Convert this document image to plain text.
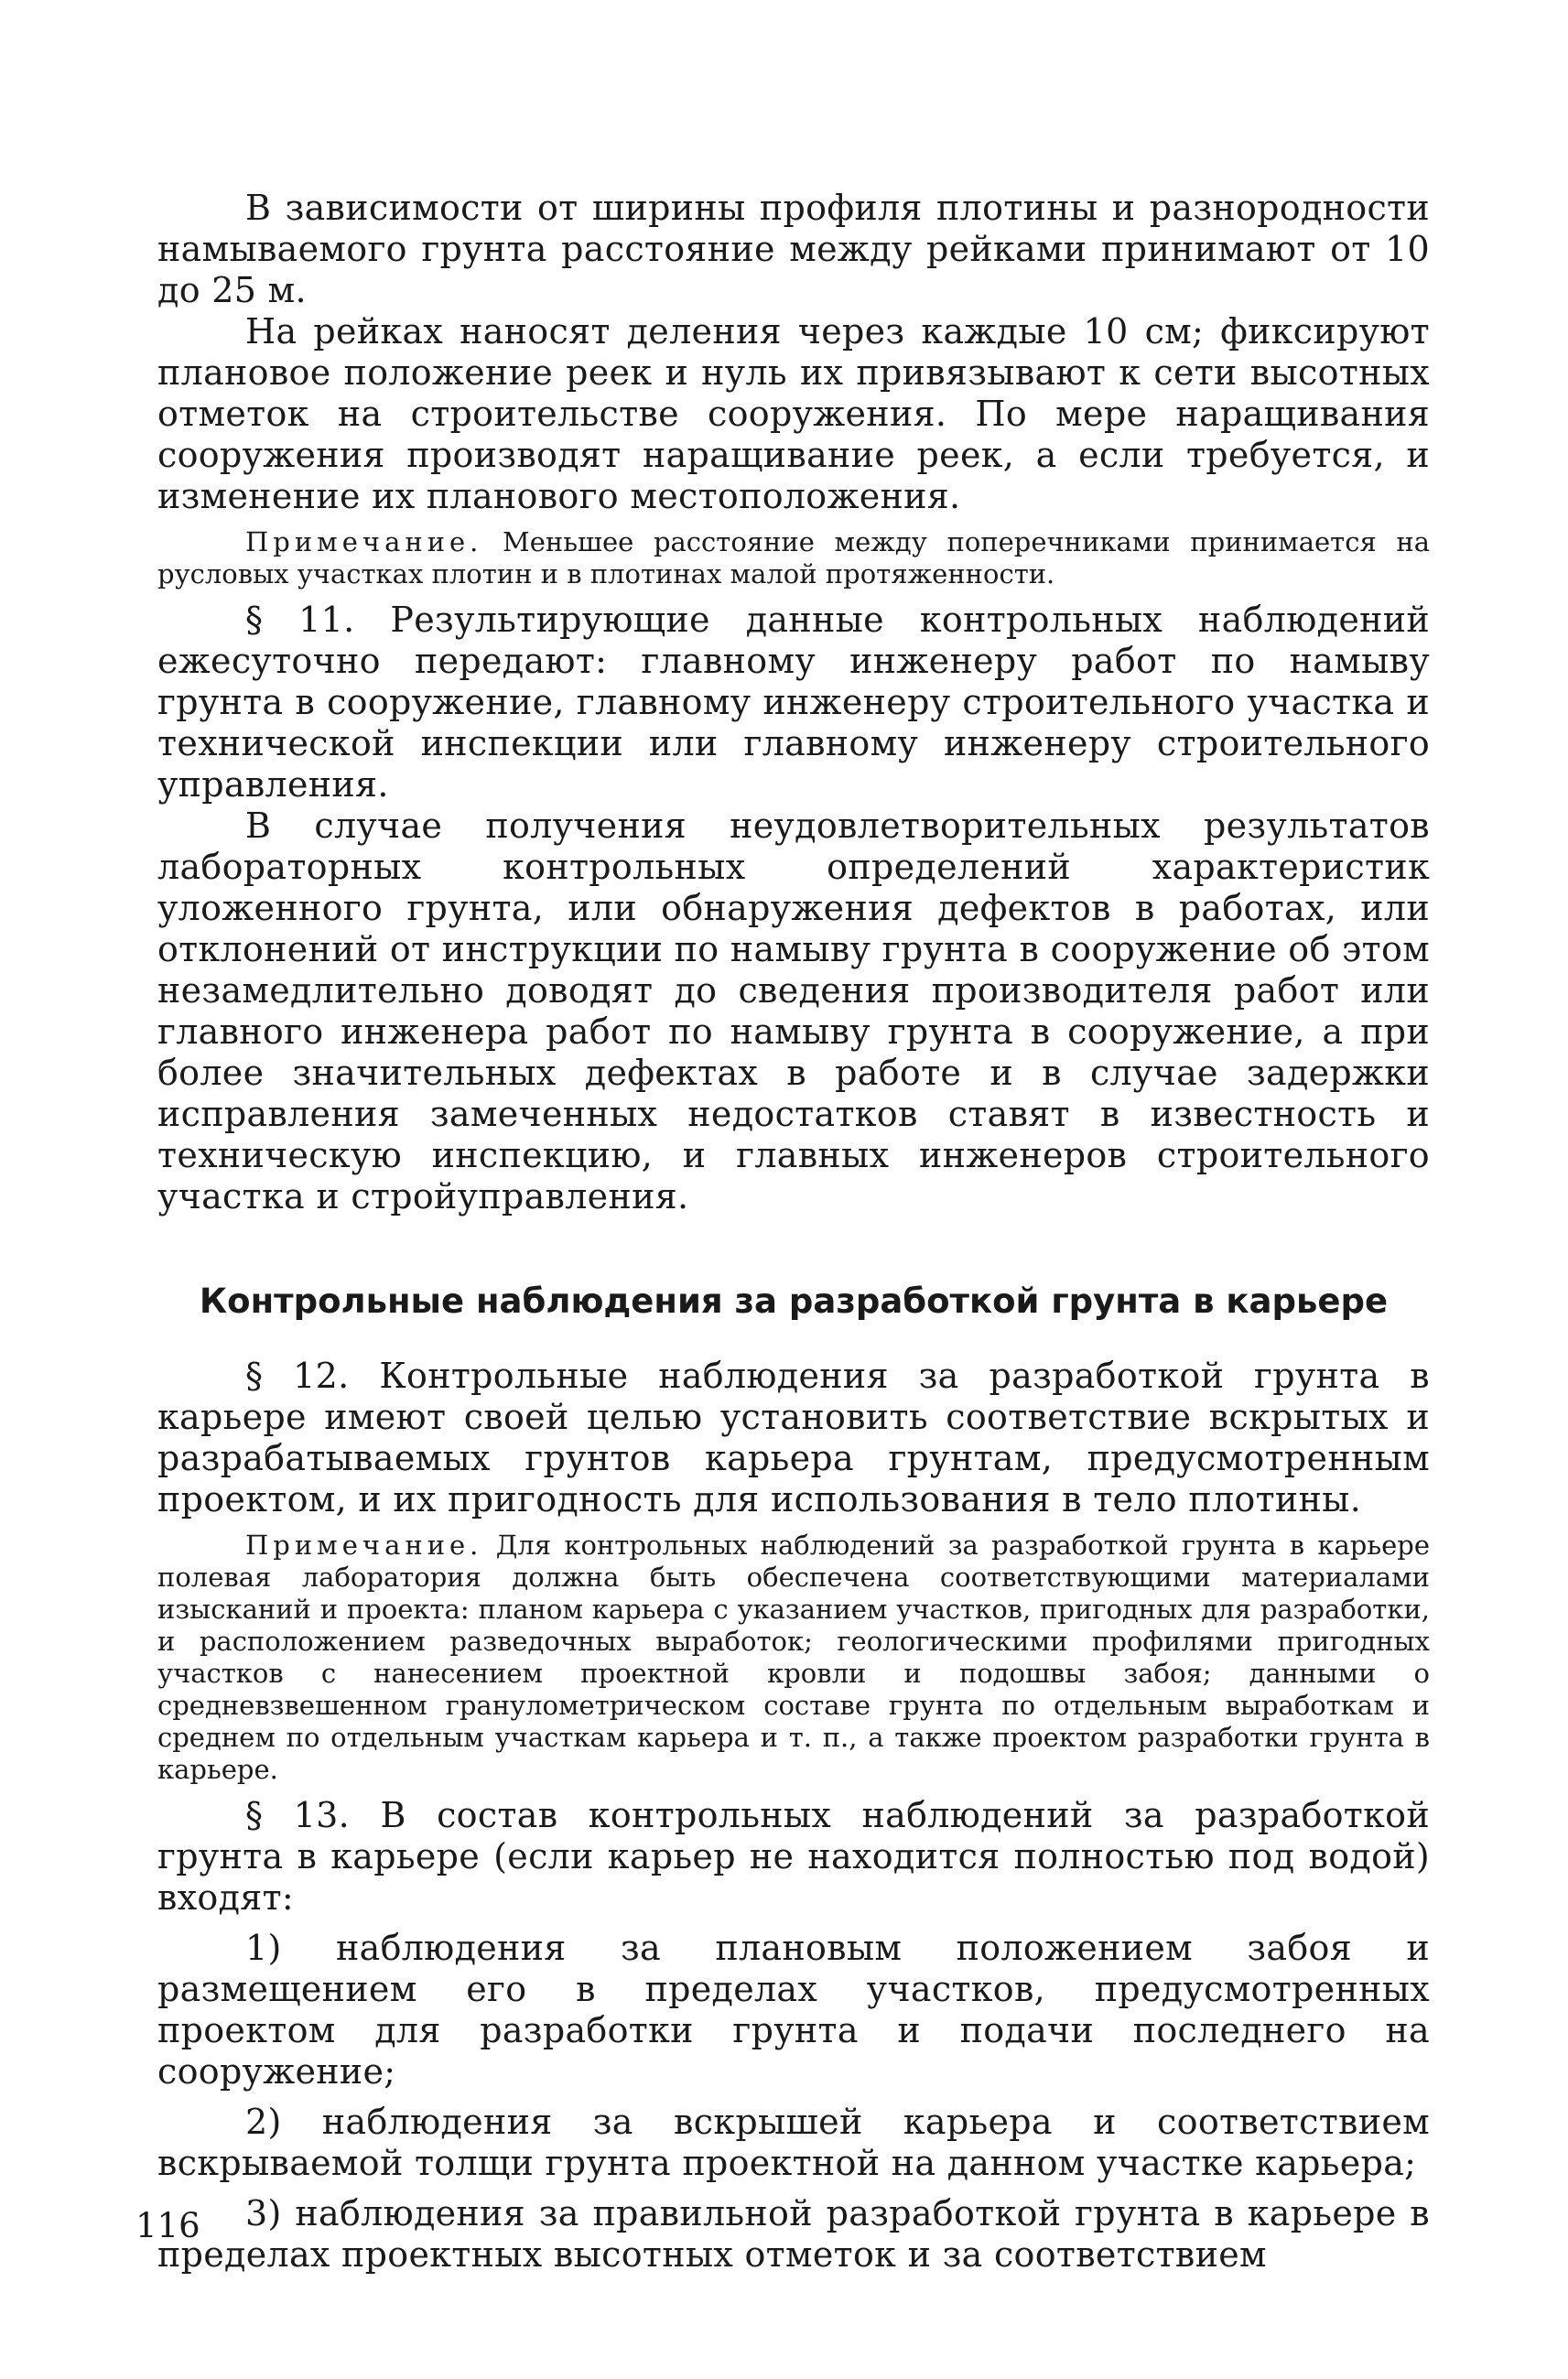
В зависимости от ширины профиля плотины и разнородности намываемого грунта расстояние между рейками принимают от 10 до 25 м.

На рейках наносят деления через каждые 10 см; фиксируют плановое положение реек и нуль их привязывают к сети высотных отметок на строительстве сооружения. По мере наращивания сооружения производят наращивание реек, а если требуется, и изменение их планового местоположения.

Примечание. Меньшее расстояние между поперечниками принимается на русловых участках плотин и в плотинах малой протяженности.

§ 11. Результирующие данные контрольных наблюдений ежесуточно передают: главному инженеру работ по намыву грунта в сооружение, главному инженеру строительного участка и технической инспекции или главному инженеру строительного управления.

В случае получения неудовлетворительных результатов лабораторных контрольных определений характеристик уложенного грунта, или обнаружения дефектов в работах, или отклонений от инструкции по намыву грунта в сооружение об этом незамедлительно доводят до сведения производителя работ или главного инженера работ по намыву грунта в сооружение, а при более значительных дефектах в работе и в случае задержки исправления замеченных недостатков ставят в известность и техническую инспекцию, и главных инженеров строительного участка и стройуправления.

Контрольные наблюдения за разработкой грунта в карьере

§ 12. Контрольные наблюдения за разработкой грунта в карьере имеют своей целью установить соответствие вскрытых и разрабатываемых грунтов карьера грунтам, предусмотренным проектом, и их пригодность для использования в тело плотины.

Примечание. Для контрольных наблюдений за разработкой грунта в карьере полевая лаборатория должна быть обеспечена соответствующими материалами изысканий и проекта: планом карьера с указанием участков, пригодных для разработки, и расположением разведочных выработок; геологическими профилями пригодных участков с нанесением проектной кровли и подошвы забоя; данными о средневзвешенном гранулометрическом составе грунта по отдельным выработкам и среднем по отдельным участкам карьера и т. п., а также проектом разработки грунта в карьере.

§ 13. В состав контрольных наблюдений за разработкой грунта в карьере (если карьер не находится полностью под водой) входят:

1) наблюдения за плановым положением забоя и размещением его в пределах участков, предусмотренных проектом для разработки грунта и подачи последнего на сооружение;

2) наблюдения за вскрышей карьера и соответствием вскрываемой толщи грунта проектной на данном участке карьера;

3) наблюдения за правильной разработкой грунта в карьере в пределах проектных высотных отметок и за соответствием

116
